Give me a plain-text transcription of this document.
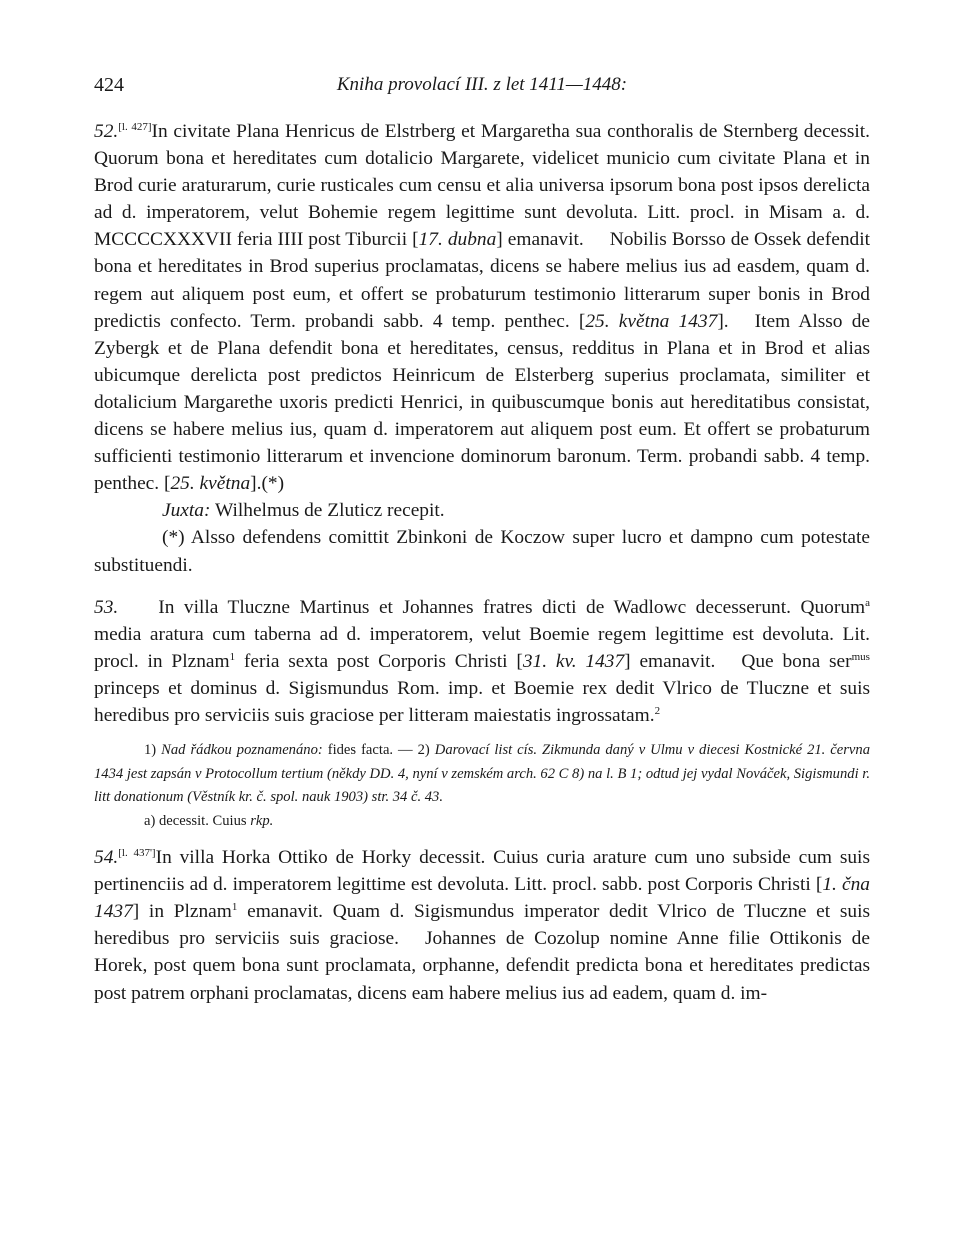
424	Kniha provolací III. z let 1411—1448:

52.[l. 427]In civitate Plana Henricus de Elstrberg et Margaretha sua conthoralis de Sternberg decessit. Quorum bona et hereditates cum dotalicio Margarete, videlicet municio cum civitate Plana et in Brod curie araturarum, curie rusticales cum censu et alia universa ipsorum bona post ipsos derelicta ad d. imperatorem, velut Bohemie regem legittime sunt devoluta. Litt. procl. in Misam a. d. MCCCCXXXVII feria IIII post Tiburcii [17. dubna] emanavit. Nobilis Borsso de Ossek defendit bona et hereditates in Brod superius proclamatas, dicens se habere melius ius ad easdem, quam d. regem aut aliquem post eum, et offert se probaturum testimonio litterarum super bonis in Brod predictis confecto. Term. probandi sabb. 4 temp. penthec. [25. května 1437]. Item Alsso de Zybergk et de Plana defendit bona et hereditates, census, redditus in Plana et in Brod et alias ubicumque derelicta post predictos Heinricum de Elsterberg superius proclamata, similiter et dotalicium Margarethe uxoris predicti Henrici, in quibuscumque bonis aut hereditatibus consistat, dicens se habere melius ius, quam d. imperatorem aut aliquem post eum. Et offert se probaturum sufficienti testimonio litterarum et invencione dominorum baronum. Term. probandi sabb. 4 temp. penthec. [25. května].(*)

Juxta: Wilhelmus de Zluticz recepit.

(*) Alsso defendens comittit Zbinkoni de Koczow super lucro et dampno cum potestate substituendi.

53. In villa Tluczne Martinus et Johannes fratres dicti de Wadlowc decesserunt. Quorum$^a$ media aratura cum taberna ad d. imperatorem, velut Boemie regem legittime est devoluta. Lit. procl. in Plznam$^1$ feria sexta post Corporis Christi [31. kv. 1437] emanavit. Que bona ser$^{mus}$ princeps et dominus d. Sigismundus Rom. imp. et Boemie rex dedit Vlrico de Tluczne et suis heredibus pro serviciis suis graciose per litteram maiestatis ingrossatam.$^2$

1) Nad řádkou poznamenáno: fides facta. — 2) Darovací list cís. Zikmunda daný v Ulmu v diecesi Kostnické 21. června 1434 jest zapsán v Protocollum tertium (někdy DD. 4, nyní v zemském arch. 62 C 8) na l. B 1; odtud jej vydal Nováček, Sigismundi r. litt donationum (Věstník kr. č. spol. nauk 1903) str. 34 č. 43.

a) decessit. Cuius rkp.

54.[l. 437']In villa Horka Ottiko de Horky decessit. Cuius curia arature cum uno subside cum suis pertinenciis ad d. imperatorem legittime est devoluta. Litt. procl. sabb. post Corporis Christi [1. čna 1437] in Plznam$^1$ emanavit. Quam d. Sigismundus imperator dedit Vlrico de Tluczne et suis heredibus pro serviciis suis graciose. Johannes de Cozolup nomine Anne filie Ottikonis de Horek, post quem bona sunt proclamata, orphanne, defendit predicta bona et hereditates predictas post patrem orphani proclamatas, dicens eam habere melius ius ad eadem, quam d. im-
